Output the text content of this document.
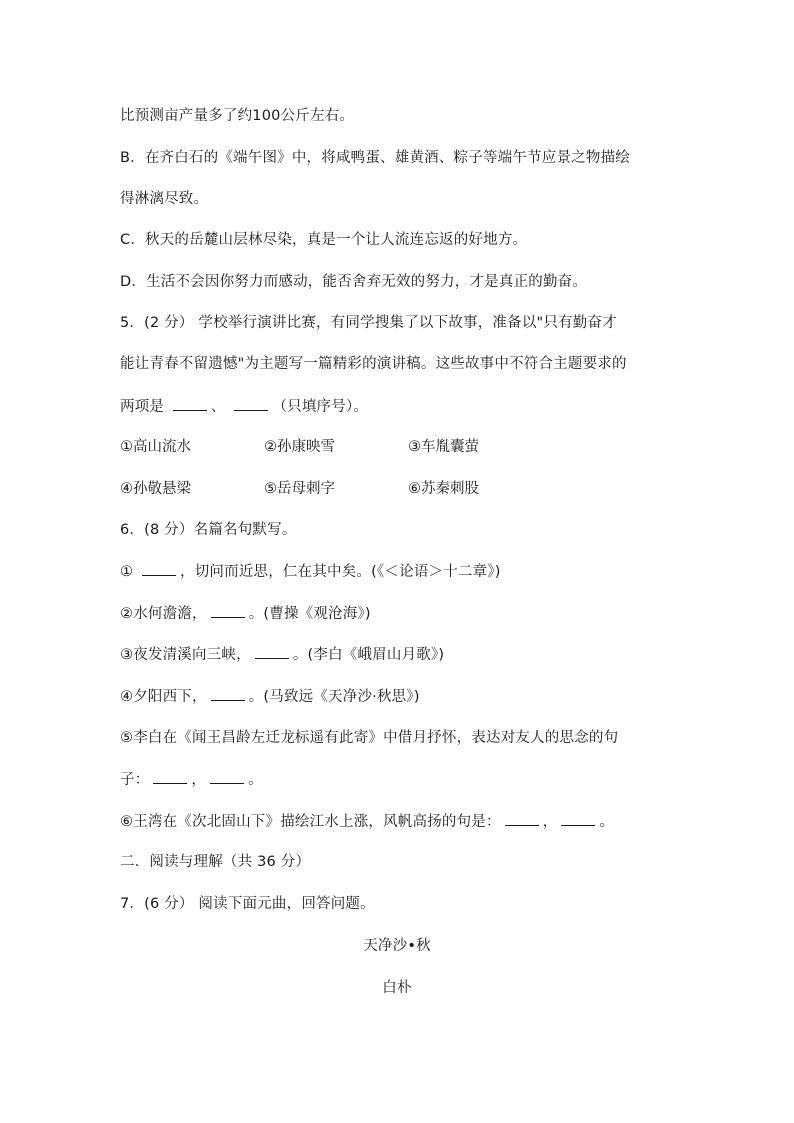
比预测亩产量多了约100公斤左右。
B．在齐白石的《端午图》中，将咸鸭蛋、雄黄酒、粽子等端午节应景之物描绘
得淋漓尽致。
C．秋天的岳麓山层林尽染，真是一个让人流连忘返的好地方。
D．生活不会因你努力而感动，能否舍弃无效的努力，才是真正的勤奋。
5．(2 分） 学校举行演讲比赛，有同学搜集了以下故事，准备以"只有勤奋才
能让青春不留遗憾"为主题写一篇精彩的演讲稿。这些故事中不符合主题要求的
两项是	、	（只填序号）。
①高山流水	②孙康映雪	③车胤囊萤
④孙敬悬梁	⑤岳母刺字	⑥苏秦刺股
6．(8 分）名篇名句默写。
①	，切问而近思，仁在其中矣。(《＜论语＞十二章》)
②水何澹澹，	。(曹操《观沧海》)
③夜发清溪向三峡，	。(李白《峨眉山月歌》)
④夕阳西下，	。(马致远《天净沙·秋思》)
⑤李白在《闻王昌龄左迁龙标遥有此寄》中借月抒怀，表达对友人的思念的句
子：	，	。
⑥王湾在《次北固山下》描绘江水上涨，风帆高扬的句是：	，	。
二．阅读与理解（共 36 分）
7．(6 分） 阅读下面元曲，回答问题。
天净沙•秋
白朴
